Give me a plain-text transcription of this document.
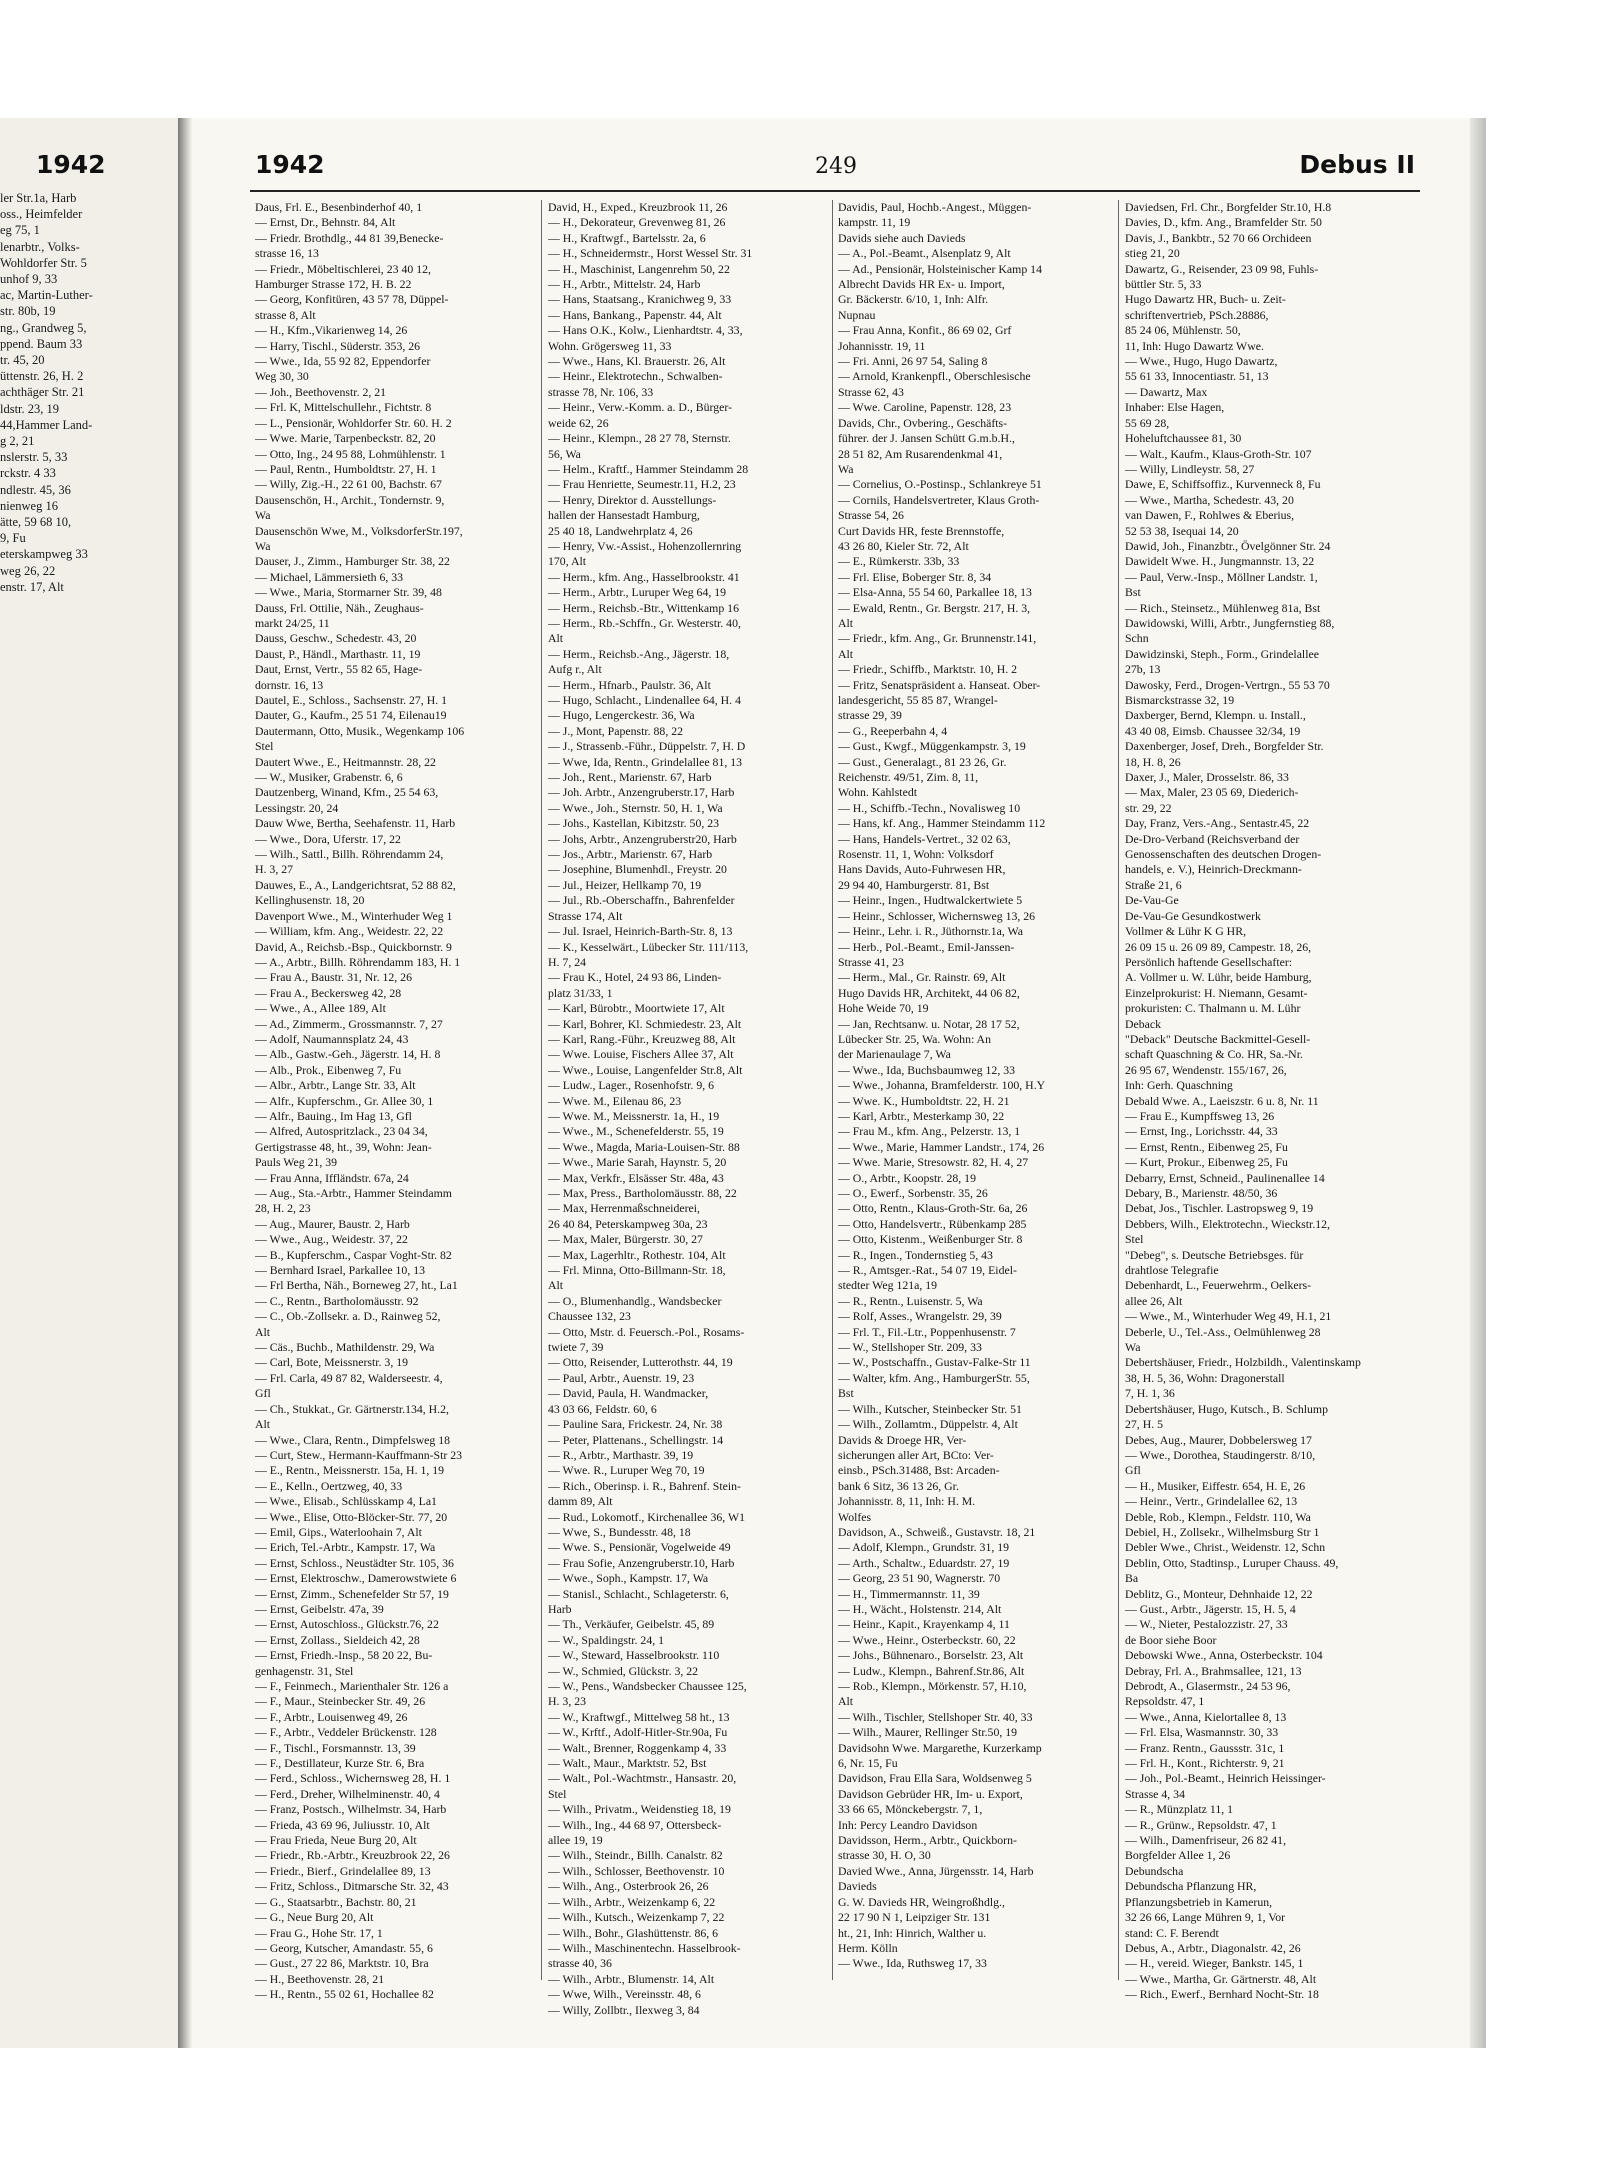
1942
ler Str.1a, Harb
oss., Heimfelder
eg 75, 1
lenarbtr., Volks-
Wohldorfer Str. 5
unhof 9, 33
ac, Martin-Luther-
str. 80b, 19
ng., Grandweg 5,
ppend. Baum 33
tr. 45, 20
üttenstr. 26, H. 2
achthäger Str. 21
ldstr. 23, 19
44,Hammer Land-
g 2, 21
nslerstr. 5, 33
rckstr. 4 33
ndlestr. 45, 36
nienweg 16
ätte, 59 68 10,
9, Fu
eterskampweg 33
weg 26, 22
enstr. 17, Alt
1942	249	Debus II
Daus, Frl. E., Besenbinderhof 40, 1
— Ernst, Dr., Behnstr. 84, Alt
— Friedr. Brothdlg., 44 81 39,Benecke-
strasse 16, 13
— Friedr., Möbeltischlerei, 23 40 12,
Hamburger Strasse 172, H. B. 22
— Georg, Konfitüren, 43 57 78, Düppel-
strasse 8, Alt
— H., Kfm.,Vikarienweg 14, 26
— Harry, Tischl., Süderstr. 353, 26
— Wwe., Ida, 55 92 82, Eppendorfer
Weg 30, 30
— Joh., Beethovenstr. 2, 21
— Frl. K, Mittelschullehr., Fichtstr. 8
— L., Pensionär, Wohldorfer Str. 60. H. 2
— Wwe. Marie, Tarpenbeckstr. 82, 20
— Otto, Ing., 24 95 88, Lohmühlenstr. 1
— Paul, Rentn., Humboldtstr. 27, H. 1
— Willy, Zig.-H., 22 61 00, Bachstr. 67
Dausenschön, H., Archit., Tondernstr. 9,
Wa
Dausenschön Wwe, M., VolksdorferStr.197,
Wa
Dauser, J., Zimm., Hamburger Str. 38, 22
— Michael, Lämmersieth 6, 33
— Wwe., Maria, Stormarner Str. 39, 48
Dauss, Frl. Ottilie, Näh., Zeughaus-
markt 24/25, 11
Dauss, Geschw., Schedestr. 43, 20
Daust, P., Händl., Marthastr. 11, 19
Daut, Ernst, Vertr., 55 82 65, Hage-
dornstr. 16, 13
Dautel, E., Schloss., Sachsenstr. 27, H. 1
Dauter, G., Kaufm., 25 51 74, Eilenau19
Dautermann, Otto, Musik., Wegenkamp 106
Stel
Dautert Wwe., E., Heitmannstr. 28, 22
— W., Musiker, Grabenstr. 6, 6
Dautzenberg, Winand, Kfm., 25 54 63,
Lessingstr. 20, 24
Dauw Wwe, Bertha, Seehafenstr. 11, Harb
— Wwe., Dora, Uferstr. 17, 22
— Wilh., Sattl., Billh. Röhrendamm 24,
H. 3, 27
Dauwes, E., A., Landgerichtsrat, 52 88 82,
Kellinghusenstr. 18, 20
Davenport Wwe., M., Winterhuder Weg 1
— William, kfm. Ang., Weidestr. 22, 22
David, A., Reichsb.-Bsp., Quickbornstr. 9
— A., Arbtr., Billh. Röhrendamm 183, H. 1
— Frau A., Baustr. 31, Nr. 12, 26
— Frau A., Beckersweg 42, 28
— Wwe., A., Allee 189, Alt
— Ad., Zimmerm., Grossmannstr. 7, 27
— Adolf, Naumannsplatz 24, 43
— Alb., Gastw.-Geh., Jägerstr. 14, H. 8
— Alb., Prok., Eibenweg 7, Fu
— Albr., Arbtr., Lange Str. 33, Alt
— Alfr., Kupferschm., Gr. Allee 30, 1
— Alfr., Bauing., Im Hag 13, Gfl
— Alfred, Autospritzlack., 23 04 34,
Gertigstrasse 48, ht., 39, Wohn: Jean-
Pauls Weg 21, 39
— Frau Anna, Iffländstr. 67a, 24
— Aug., Sta.-Arbtr., Hammer Steindamm
28, H. 2, 23
— Aug., Maurer, Baustr. 2, Harb
— Wwe., Aug., Weidestr. 37, 22
— B., Kupferschm., Caspar Voght-Str. 82
— Bernhard Israel, Parkallee 10, 13
— Frl Bertha, Näh., Borneweg 27, ht., La1
— C., Rentn., Bartholomäusstr. 92
— C., Ob.-Zollsekr. a. D., Rainweg 52,
Alt
— Cäs., Buchb., Mathildenstr. 29, Wa
— Carl, Bote, Meissnerstr. 3, 19
— Frl. Carla, 49 87 82, Walderseestr. 4,
Gfl
— Ch., Stukkat., Gr. Gärtnerstr.134, H.2,
Alt
— Wwe., Clara, Rentn., Dimpfelsweg 18
— Curt, Stew., Hermann-Kauffmann-Str 23
— E., Rentn., Meissnerstr. 15a, H. 1, 19
— E., Kelln., Oertzweg, 40, 33
— Wwe., Elisab., Schlüsskamp 4, La1
— Wwe., Elise, Otto-Blöcker-Str. 77, 20
— Emil, Gips., Waterloohain 7, Alt
— Erich, Tel.-Arbtr., Kampstr. 17, Wa
— Ernst, Schloss., Neustädter Str. 105, 36
— Ernst, Elektroschw., Damerowstwiete 6
— Ernst, Zimm., Schenefelder Str 57, 19
— Ernst, Geibelstr. 47a, 39
— Ernst, Autoschloss., Glückstr.76, 22
— Ernst, Zollass., Sieldeich 42, 28
— Ernst, Friedh.-Insp., 58 20 22, Bu-
genhagenstr. 31, Stel
— F., Feinmech., Marienthaler Str. 126 a
— F., Maur., Steinbecker Str. 49, 26
— F., Arbtr., Louisenweg 49, 26
— F., Arbtr., Veddeler Brückenstr. 128
— F., Tischl., Forsmannstr. 13, 39
— F., Destillateur, Kurze Str. 6, Bra
— Ferd., Schloss., Wichernsweg 28, H. 1
— Ferd., Dreher, Wilhelminenstr. 40, 4
— Franz, Postsch., Wilhelmstr. 34, Harb
— Frieda, 43 69 96, Juliusstr. 10, Alt
— Frau Frieda, Neue Burg 20, Alt
— Friedr., Rb.-Arbtr., Kreuzbrook 22, 26
— Friedr., Bierf., Grindelallee 89, 13
— Fritz, Schloss., Ditmarsche Str. 32, 43
— G., Staatsarbtr., Bachstr. 80, 21
— G., Neue Burg 20, Alt
— Frau G., Hohe Str. 17, 1
— Georg, Kutscher, Amandastr. 55, 6
— Gust., 27 22 86, Marktstr. 10, Bra
— H., Beethovenstr. 28, 21
— H., Rentn., 55 02 61, Hochallee 82
David, H., Exped., Kreuzbrook 11, 26
— H., Dekorateur, Grevenweg 81, 26
— H., Kraftwgf., Bartelsstr. 2a, 6
— H., Schneidermstr., Horst Wessel Str. 31
— H., Maschinist, Langenrehm 50, 22
— H., Arbtr., Mittelstr. 24, Harb
— Hans, Staatsang., Kranichweg 9, 33
— Hans, Bankang., Papenstr. 44, Alt
— Hans O.K., Kolw., Lienhardtstr. 4, 33,
Wohn. Grögersweg 11, 33
— Wwe., Hans, Kl. Brauerstr. 26, Alt
— Heinr., Elektrotechn., Schwalben-
strasse 78, Nr. 106, 33
— Heinr., Verw.-Komm. a. D., Bürger-
weide 62, 26
— Heinr., Klempn., 28 27 78, Sternstr.
56, Wa
— Helm., Kraftf., Hammer Steindamm 28
— Frau Henriette, Seumestr.11, H.2, 23
— Henry, Direktor d. Ausstellungs-
hallen der Hansestadt Hamburg,
25 40 18, Landwehrplatz 4, 26
— Henry, Vw.-Assist., Hohenzollernring
170, Alt
— Herm., kfm. Ang., Hasselbrookstr. 41
— Herm., Arbtr., Luruper Weg 64, 19
— Herm., Reichsb.-Btr., Wittenkamp 16
— Herm., Rb.-Schffn., Gr. Westerstr. 40,
Alt
— Herm., Reichsb.-Ang., Jägerstr. 18,
Aufg r., Alt
— Herm., Hfnarb., Paulstr. 36, Alt
— Hugo, Schlacht., Lindenallee 64, H. 4
— Hugo, Lengerckestr. 36, Wa
— J., Mont, Papenstr. 88, 22
— J., Strassenb.-Führ., Düppelstr. 7, H. D
— Wwe, Ida, Rentn., Grindelallee 81, 13
— Joh., Rent., Marienstr. 67, Harb
— Joh. Arbtr., Anzengruberstr.17, Harb
— Wwe., Joh., Sternstr. 50, H. 1, Wa
— Johs., Kastellan, Kibitzstr. 50, 23
— Johs, Arbtr., Anzengruberstr20, Harb
— Jos., Arbtr., Marienstr. 67, Harb
— Josephine, Blumenhdl., Freystr. 20
— Jul., Heizer, Hellkamp 70, 19
— Jul., Rb.-Oberschaffn., Bahrenfelder
Strasse 174, Alt
— Jul. Israel, Heinrich-Barth-Str. 8, 13
— K., Kesselwärt., Lübecker Str. 111/113,
H. 7, 24
— Frau K., Hotel, 24 93 86, Linden-
platz 31/33, 1
— Karl, Bürobtr., Moortwiete 17, Alt
— Karl, Bohrer, Kl. Schmiedestr. 23, Alt
— Karl, Rang.-Führ., Kreuzweg 88, Alt
— Wwe. Louise, Fischers Allee 37, Alt
— Wwe., Louise, Langenfelder Str.8, Alt
— Ludw., Lager., Rosenhofstr. 9, 6
— Wwe. M., Eilenau 86, 23
— Wwe. M., Meissnerstr. 1a, H., 19
— Wwe., M., Schenefelderstr. 55, 19
— Wwe., Magda, Maria-Louisen-Str. 88
— Wwe., Marie Sarah, Haynstr. 5, 20
— Max, Verkfr., Elsässer Str. 48a, 43
— Max, Press., Bartholomäusstr. 88, 22
— Max, Herrenmaßschneiderei,
26 40 84, Peterskampweg 30a, 23
— Max, Maler, Bürgerstr. 30, 27
— Max, Lagerhltr., Rothestr. 104, Alt
— Frl. Minna, Otto-Billmann-Str. 18,
Alt
— O., Blumenhandlg., Wandsbecker
Chaussee 132, 23
— Otto, Mstr. d. Feuersch.-Pol., Rosams-
twiete 7, 39
— Otto, Reisender, Lutterothstr. 44, 19
— Paul, Arbtr., Auenstr. 19, 23
— David, Paula, H. Wandmacker,
43 03 66, Feldstr. 60, 6
— Pauline Sara, Frickestr. 24, Nr. 38
— Peter, Plattenans., Schellingstr. 14
— R., Arbtr., Marthastr. 39, 19
— Wwe. R., Luruper Weg 70, 19
— Rich., Oberinsp. i. R., Bahrenf. Stein-
damm 89, Alt
— Rud., Lokomotf., Kirchenallee 36, W1
— Wwe, S., Bundesstr. 48, 18
— Wwe. S., Pensionär, Vogelweide 49
— Frau Sofie, Anzengruberstr.10, Harb
— Wwe., Soph., Kampstr. 17, Wa
— Stanisl., Schlacht., Schlageterstr. 6,
Harb
— Th., Verkäufer, Geibelstr. 45, 89
— W., Spaldingstr. 24, 1
— W., Steward, Hasselbrookstr. 110
— W., Schmied, Glückstr. 3, 22
— W., Pens., Wandsbecker Chaussee 125,
H. 3, 23
— W., Kraftwgf., Mittelweg 58 ht., 13
— W., Krftf., Adolf-Hitler-Str.90a, Fu
— Walt., Brenner, Roggenkamp 4, 33
— Walt., Maur., Marktstr. 52, Bst
— Walt., Pol.-Wachtmstr., Hansastr. 20,
Stel
— Wilh., Privatm., Weidenstieg 18, 19
— Wilh., Ing., 44 68 97, Ottersbeck-
allee 19, 19
— Wilh., Steindr., Billh. Canalstr. 82
— Wilh., Schlosser, Beethovenstr. 10
— Wilh., Ang., Osterbrook 26, 26
— Wilh., Arbtr., Weizenkamp 6, 22
— Wilh., Kutsch., Weizenkamp 7, 22
— Wilh., Bohr., Glashüttenstr. 86, 6
— Wilh., Maschinentechn. Hasselbrook-
strasse 40, 36
— Wilh., Arbtr., Blumenstr. 14, Alt
— Wwe, Wilh., Vereinsstr. 48, 6
— Willy, Zollbtr., Ilexweg 3, 84
Davidis, Paul, Hochb.-Angest., Müggen-
kampstr. 11, 19
Davids siehe auch Davieds
— A., Pol.-Beamt., Alsenplatz 9, Alt
— Ad., Pensionär, Holsteinischer Kamp 14
Albrecht Davids HR Ex- u. Import,
Gr. Bäckerstr. 6/10, 1, Inh: Alfr.
Nupnau
— Frau Anna, Konfit., 86 69 02, Grf
Johannisstr. 19, 11
— Fri. Anni, 26 97 54, Saling 8
— Arnold, Krankenpfl., Oberschlesische
Strasse 62, 43
— Wwe. Caroline, Papenstr. 128, 23
Davids, Chr., Ovbering., Geschäfts-
führer. der J. Jansen Schütt G.m.b.H.,
28 51 82, Am Rusarendenkmal 41,
Wa
— Cornelius, O.-Postinsp., Schlankreye 51
— Cornils, Handelsvertreter, Klaus Groth-
Strasse 54, 26
Curt Davids HR, feste Brennstoffe,
43 26 80, Kieler Str. 72, Alt
— E., Rümkerstr. 33b, 33
— Frl. Elise, Boberger Str. 8, 34
— Elsa-Anna, 55 54 60, Parkallee 18, 13
— Ewald, Rentn., Gr. Bergstr. 217, H. 3,
Alt
— Friedr., kfm. Ang., Gr. Brunnenstr.141,
Alt
— Friedr., Schiffb., Marktstr. 10, H. 2
— Fritz, Senatspräsident a. Hanseat. Ober-
landesgericht, 55 85 87, Wrangel-
strasse 29, 39
— G., Reeperbahn 4, 4
— Gust., Kwgf., Müggenkampstr. 3, 19
— Gust., Generalagt., 81 23 26, Gr.
Reichenstr. 49/51, Zim. 8, 11,
Wohn. Kahlstedt
— H., Schiffb.-Techn., Novalisweg 10
— Hans, kf. Ang., Hammer Steindamm 112
— Hans, Handels-Vertret., 32 02 63,
Rosenstr. 11, 1, Wohn: Volksdorf
Hans Davids, Auto-Fuhrwesen HR,
29 94 40, Hamburgerstr. 81, Bst
— Heinr., Ingen., Hudtwalckertwiete 5
— Heinr., Schlosser, Wichernsweg 13, 26
— Heinr., Lehr. i. R., Jüthornstr.1a, Wa
— Herb., Pol.-Beamt., Emil-Janssen-
Strasse 41, 23
— Herm., Mal., Gr. Rainstr. 69, Alt
Hugo Davids HR, Architekt, 44 06 82,
Hohe Weide 70, 19
— Jan, Rechtsanw. u. Notar, 28 17 52,
Lübecker Str. 25, Wa. Wohn: An
der Marienaulage 7, Wa
— Wwe., Ida, Buchsbaumweg 12, 33
— Wwe., Johanna, Bramfelderstr. 100, H.Y
— Wwe. K., Humboldtstr. 22, H. 21
— Karl, Arbtr., Mesterkamp 30, 22
— Frau M., kfm. Ang., Pelzerstr. 13, 1
— Wwe., Marie, Hammer Landstr., 174, 26
— Wwe. Marie, Stresowstr. 82, H. 4, 27
— O., Arbtr., Koopstr. 28, 19
— O., Ewerf., Sorbenstr. 35, 26
— Otto, Rentn., Klaus-Groth-Str. 6a, 26
— Otto, Handelsvertr., Rübenkamp 285
— Otto, Kistenm., Weißenburger Str. 8
— R., Ingen., Tondernstieg 5, 43
— R., Amtsger.-Rat., 54 07 19, Eidel-
stedter Weg 121a, 19
— R., Rentn., Luisenstr. 5, Wa
— Rolf, Asses., Wrangelstr. 29, 39
— Frl. T., Fil.-Ltr., Poppenhusenstr. 7
— W., Stellshoper Str. 209, 33
— W., Postschaffn., Gustav-Falke-Str 11
— Walter, kfm. Ang., HamburgerStr. 55,
Bst
— Wilh., Kutscher, Steinbecker Str. 51
— Wilh., Zollamtm., Düppelstr. 4, Alt
Davids & Droege HR, Ver-
sicherungen aller Art, BCto: Ver-
einsb., PSch.31488, Bst: Arcaden-
bank 6 Sitz, 36 13 26, Gr.
Johannisstr. 8, 11, Inh: H. M.
Wolfes
Davidson, A., Schweiß., Gustavstr. 18, 21
— Adolf, Klempn., Grundstr. 31, 19
— Arth., Schaltw., Eduardstr. 27, 19
— Georg, 23 51 90, Wagnerstr. 70
— H., Timmermannstr. 11, 39
— H., Wächt., Holstenstr. 214, Alt
— Heinr., Kapit., Krayenkamp 4, 11
— Wwe., Heinr., Osterbeckstr. 60, 22
— Johs., Bühnenaro., Borselstr. 23, Alt
— Ludw., Klempn., Bahrenf.Str.86, Alt
— Rob., Klempn., Mörkenstr. 57, H.10,
Alt
— Wilh., Tischler, Stellshoper Str. 40, 33
— Wilh., Maurer, Rellinger Str.50, 19
Davidsohn Wwe. Margarethe, Kurzerkamp
6, Nr. 15, Fu
Davidson, Frau Ella Sara, Woldsenweg 5
Davidson Gebrüder HR, Im- u. Export,
33 66 65, Mönckebergstr. 7, 1,
Inh: Percy Leandro Davidson
Davidsson, Herm., Arbtr., Quickborn-
strasse 30, H. O, 30
Davied Wwe., Anna, Jürgensstr. 14, Harb
Davieds
G. W. Davieds HR, Weingroßhdlg.,
22 17 90 N 1, Leipziger Str. 131
ht., 21, Inh: Hinrich, Walther u.
Herm. Kölln
— Wwe., Ida, Ruthsweg 17, 33
Daviedsen, Frl. Chr., Borgfelder Str.10, H.8
Davies, D., kfm. Ang., Bramfelder Str. 50
Davis, J., Bankbtr., 52 70 66 Orchideen
stieg 21, 20
Dawartz, G., Reisender, 23 09 98, Fuhls-
büttler Str. 5, 33
Hugo Dawartz HR, Buch- u. Zeit-
schriftenvertrieb, PSch.28886,
85 24 06, Mühlenstr. 50,
11, Inh: Hugo Dawartz Wwe.
— Wwe., Hugo, Hugo Dawartz,
55 61 33, Innocentiastr. 51, 13
— Dawartz, Max
Inhaber: Else Hagen,
55 69 28,
Hoheluftchaussee 81, 30
— Walt., Kaufm., Klaus-Groth-Str. 107
— Willy, Lindleystr. 58, 27
Dawe, E, Schiffsoffiz., Kurvenneck 8, Fu
— Wwe., Martha, Schedestr. 43, 20
van Dawen, F., Rohlwes & Eberius,
52 53 38, Isequai 14, 20
Dawid, Joh., Finanzbtr., Övelgönner Str. 24
Dawidelt Wwe. H., Jungmannstr. 13, 22
— Paul, Verw.-Insp., Möllner Landstr. 1,
Bst
— Rich., Steinsetz., Mühlenweg 81a, Bst
Dawidowski, Willi, Arbtr., Jungfernstieg 88,
Schn
Dawidzinski, Steph., Form., Grindelallee
27b, 13
Dawosky, Ferd., Drogen-Vertrgn., 55 53 70
Bismarckstrasse 32, 19
Daxberger, Bernd, Klempn. u. Install.,
43 40 08, Eimsb. Chaussee 32/34, 19
Daxenberger, Josef, Dreh., Borgfelder Str.
18, H. 8, 26
Daxer, J., Maler, Drosselstr. 86, 33
— Max, Maler, 23 05 69, Diederich-
str. 29, 22
Day, Franz, Vers.-Ang., Sentastr.45, 22
De-Dro-Verband (Reichsverband der
Genossenschaften des deutschen Drogen-
handels, e. V.), Heinrich-Dreckmann-
Straße 21, 6
De-Vau-Ge
De-Vau-Ge Gesundkostwerk
Vollmer & Lühr K G HR,
26 09 15 u. 26 09 89, Campestr. 18, 26,
Persönlich haftende Gesellschafter:
A. Vollmer u. W. Lühr, beide Hamburg,
Einzelprokurist: H. Niemann, Gesamt-
prokuristen: C. Thalmann u. M. Lühr
Deback
"Deback" Deutsche Backmittel-Gesell-
schaft Quaschning & Co. HR, Sa.-Nr.
26 95 67, Wendenstr. 155/167, 26,
Inh: Gerh. Quaschning
Debald Wwe. A., Laeiszstr. 6 u. 8, Nr. 11
— Frau E., Kumpffsweg 13, 26
— Ernst, Ing., Lorichsstr. 44, 33
— Ernst, Rentn., Eibenweg 25, Fu
— Kurt, Prokur., Eibenweg 25, Fu
Debarry, Ernst, Schneid., Paulinenallee 14
Debary, B., Marienstr. 48/50, 36
Debat, Jos., Tischler. Lastropsweg 9, 19
Debbers, Wilh., Elektrotechn., Wieckstr.12,
Stel
"Debeg", s. Deutsche Betriebsges. für
drahtlose Telegrafie
Debenhardt, L., Feuerwehrm., Oelkers-
allee 26, Alt
— Wwe., M., Winterhuder Weg 49, H.1, 21
Deberle, U., Tel.-Ass., Oelmühlenweg 28
Wa
Debertshäuser, Friedr., Holzbildh., Valentinskamp
38, H. 5, 36, Wohn: Dragonerstall
7, H. 1, 36
Debertshäuser, Hugo, Kutsch., B. Schlump
27, H. 5
Debes, Aug., Maurer, Dobbelersweg 17
— Wwe., Dorothea, Staudingerstr. 8/10,
Gfl
— H., Musiker, Eiffestr. 654, H. E, 26
— Heinr., Vertr., Grindelallee 62, 13
Deble, Rob., Klempn., Feldstr. 110, Wa
Debiel, H., Zollsekr., Wilhelmsburg Str 1
Debler Wwe., Christ., Weidenstr. 12, Schn
Deblin, Otto, Stadtinsp., Luruper Chauss. 49,
Ba
Deblitz, G., Monteur, Dehnhaide 12, 22
— Gust., Arbtr., Jägerstr. 15, H. 5, 4
— W., Nieter, Pestalozzistr. 27, 33
de Boor siehe Boor
Debowski Wwe., Anna, Osterbeckstr. 104
Debray, Frl. A., Brahmsallee, 121, 13
Debrodt, A., Glasermstr., 24 53 96,
Repsoldstr. 47, 1
— Wwe., Anna, Kielortallee 8, 13
— Frl. Elsa, Wasmannstr. 30, 33
— Franz. Rentn., Gaussstr. 31c, 1
— Frl. H., Kont., Richterstr. 9, 21
— Joh., Pol.-Beamt., Heinrich Heissinger-
Strasse 4, 34
— R., Münzplatz 11, 1
— R., Grünw., Repsoldstr. 47, 1
— Wilh., Damenfriseur, 26 82 41,
Borgfelder Allee 1, 26
Debundscha
Debundscha Pflanzung HR,
Pflanzungsbetrieb in Kamerun,
32 26 66, Lange Mühren 9, 1, Vor
stand: C. F. Berendt
Debus, A., Arbtr., Diagonalstr. 42, 26
— H., vereid. Wieger, Bankstr. 145, 1
— Wwe., Martha, Gr. Gärtnerstr. 48, Alt
— Rich., Ewerf., Bernhard Nocht-Str. 18
